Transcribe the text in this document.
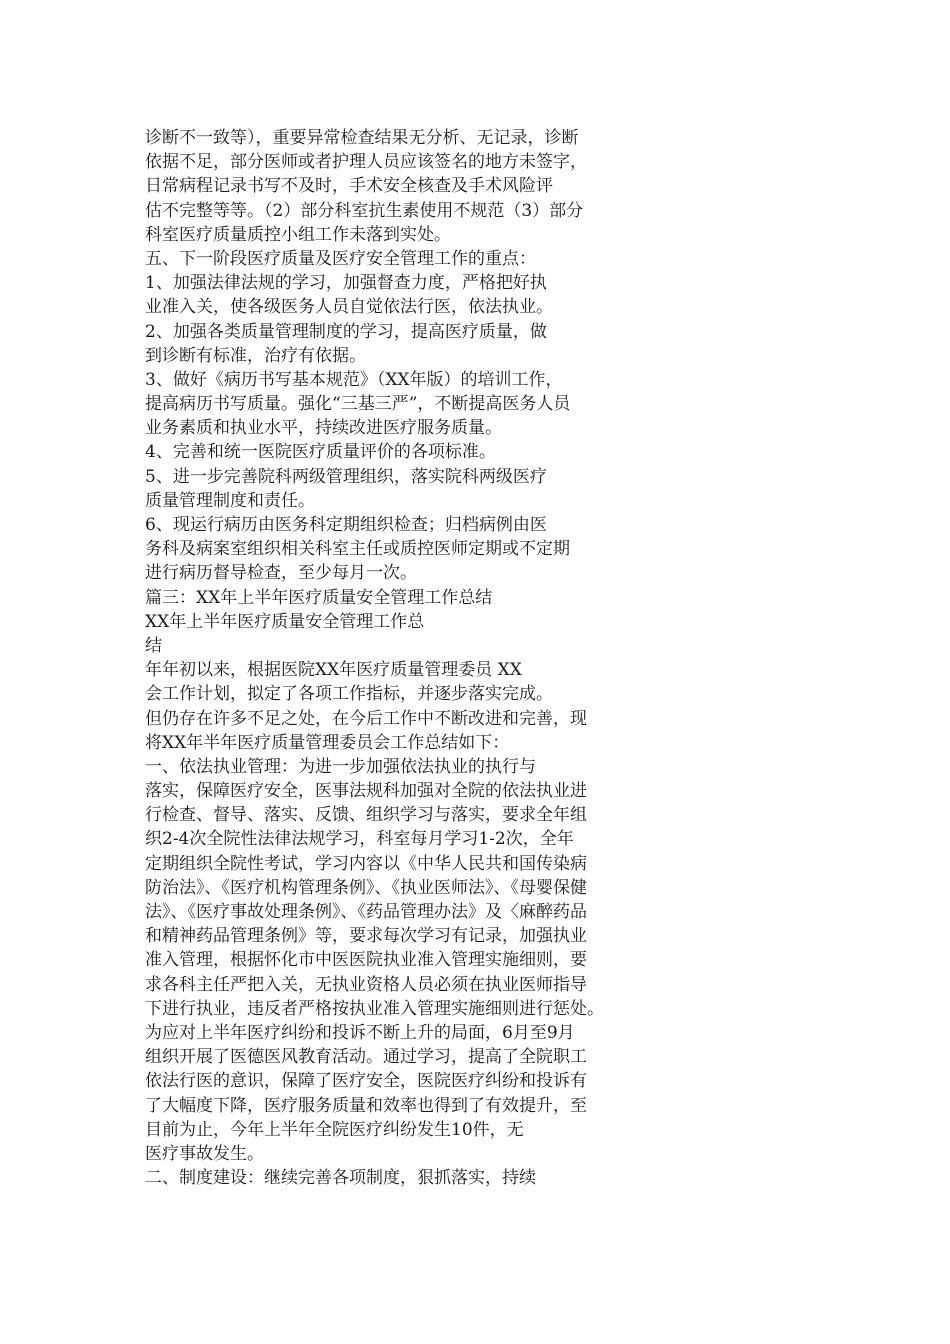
诊断不一致等），重要异常检查结果无分析、无记录，诊断
依据不足，部分医师或者护理人员应该签名的地方未签字，
日常病程记录书写不及时，手术安全核查及手术风险评
估不完整等等。（2）部分科室抗生素使用不规范（3）部分
科室医疗质量质控小组工作未落到实处。
五、下一阶段医疗质量及医疗安全管理工作的重点：
1、加强法律法规的学习，加强督查力度，严格把好执
业准入关，使各级医务人员自觉依法行医，依法执业。
2、加强各类质量管理制度的学习，提高医疗质量，做
到诊断有标准，治疗有依据。
3、做好《病历书写基本规范》（XX年版）的培训工作，
提高病历书写质量。强化“三基三严”，不断提高医务人员
业务素质和执业水平，持续改进医疗服务质量。
4、完善和统一医院医疗质量评价的各项标准。
5、进一步完善院科两级管理组织，落实院科两级医疗
质量管理制度和责任。
6、现运行病历由医务科定期组织检查；归档病例由医
务科及病案室组织相关科室主任或质控医师定期或不定期
进行病历督导检查，至少每月一次。
篇三：XX年上半年医疗质量安全管理工作总结
XX年上半年医疗质量安全管理工作总
结
年年初以来，根据医院XX年医疗质量管理委员 XX
会工作计划，拟定了各项工作指标，并逐步落实完成。
但仍存在许多不足之处，在今后工作中不断改进和完善，现
将XX年半年医疗质量管理委员会工作总结如下：
一、依法执业管理：为进一步加强依法执业的执行与
落实，保障医疗安全，医事法规科加强对全院的依法执业进
行检查、督导、落实、反馈、组织学习与落实，要求全年组
织2-4次全院性法律法规学习，科室每月学习1-2次，全年
定期组织全院性考试，学习内容以《中华人民共和国传染病
防治法》、《医疗机构管理条例》、《执业医师法》、《母婴保健
法》、《医疗事故处理条例》、《药品管理办法》及〈麻醉药品
和精神药品管理条例》等，要求每次学习有记录，加强执业
准入管理，根据怀化市中医医院执业准入管理实施细则，要
求各科主任严把入关，无执业资格人员必须在执业医师指导
下进行执业，违反者严格按执业准入管理实施细则进行惩处。
为应对上半年医疗纠纷和投诉不断上升的局面，6月至9月
组织开展了医德医风教育活动。通过学习，提高了全院职工
依法行医的意识，保障了医疗安全，医院医疗纠纷和投诉有
了大幅度下降，医疗服务质量和效率也得到了有效提升，至
目前为止，今年上半年全院医疗纠纷发生10件，无
医疗事故发生。
二、制度建设：继续完善各项制度，狠抓落实，持续
